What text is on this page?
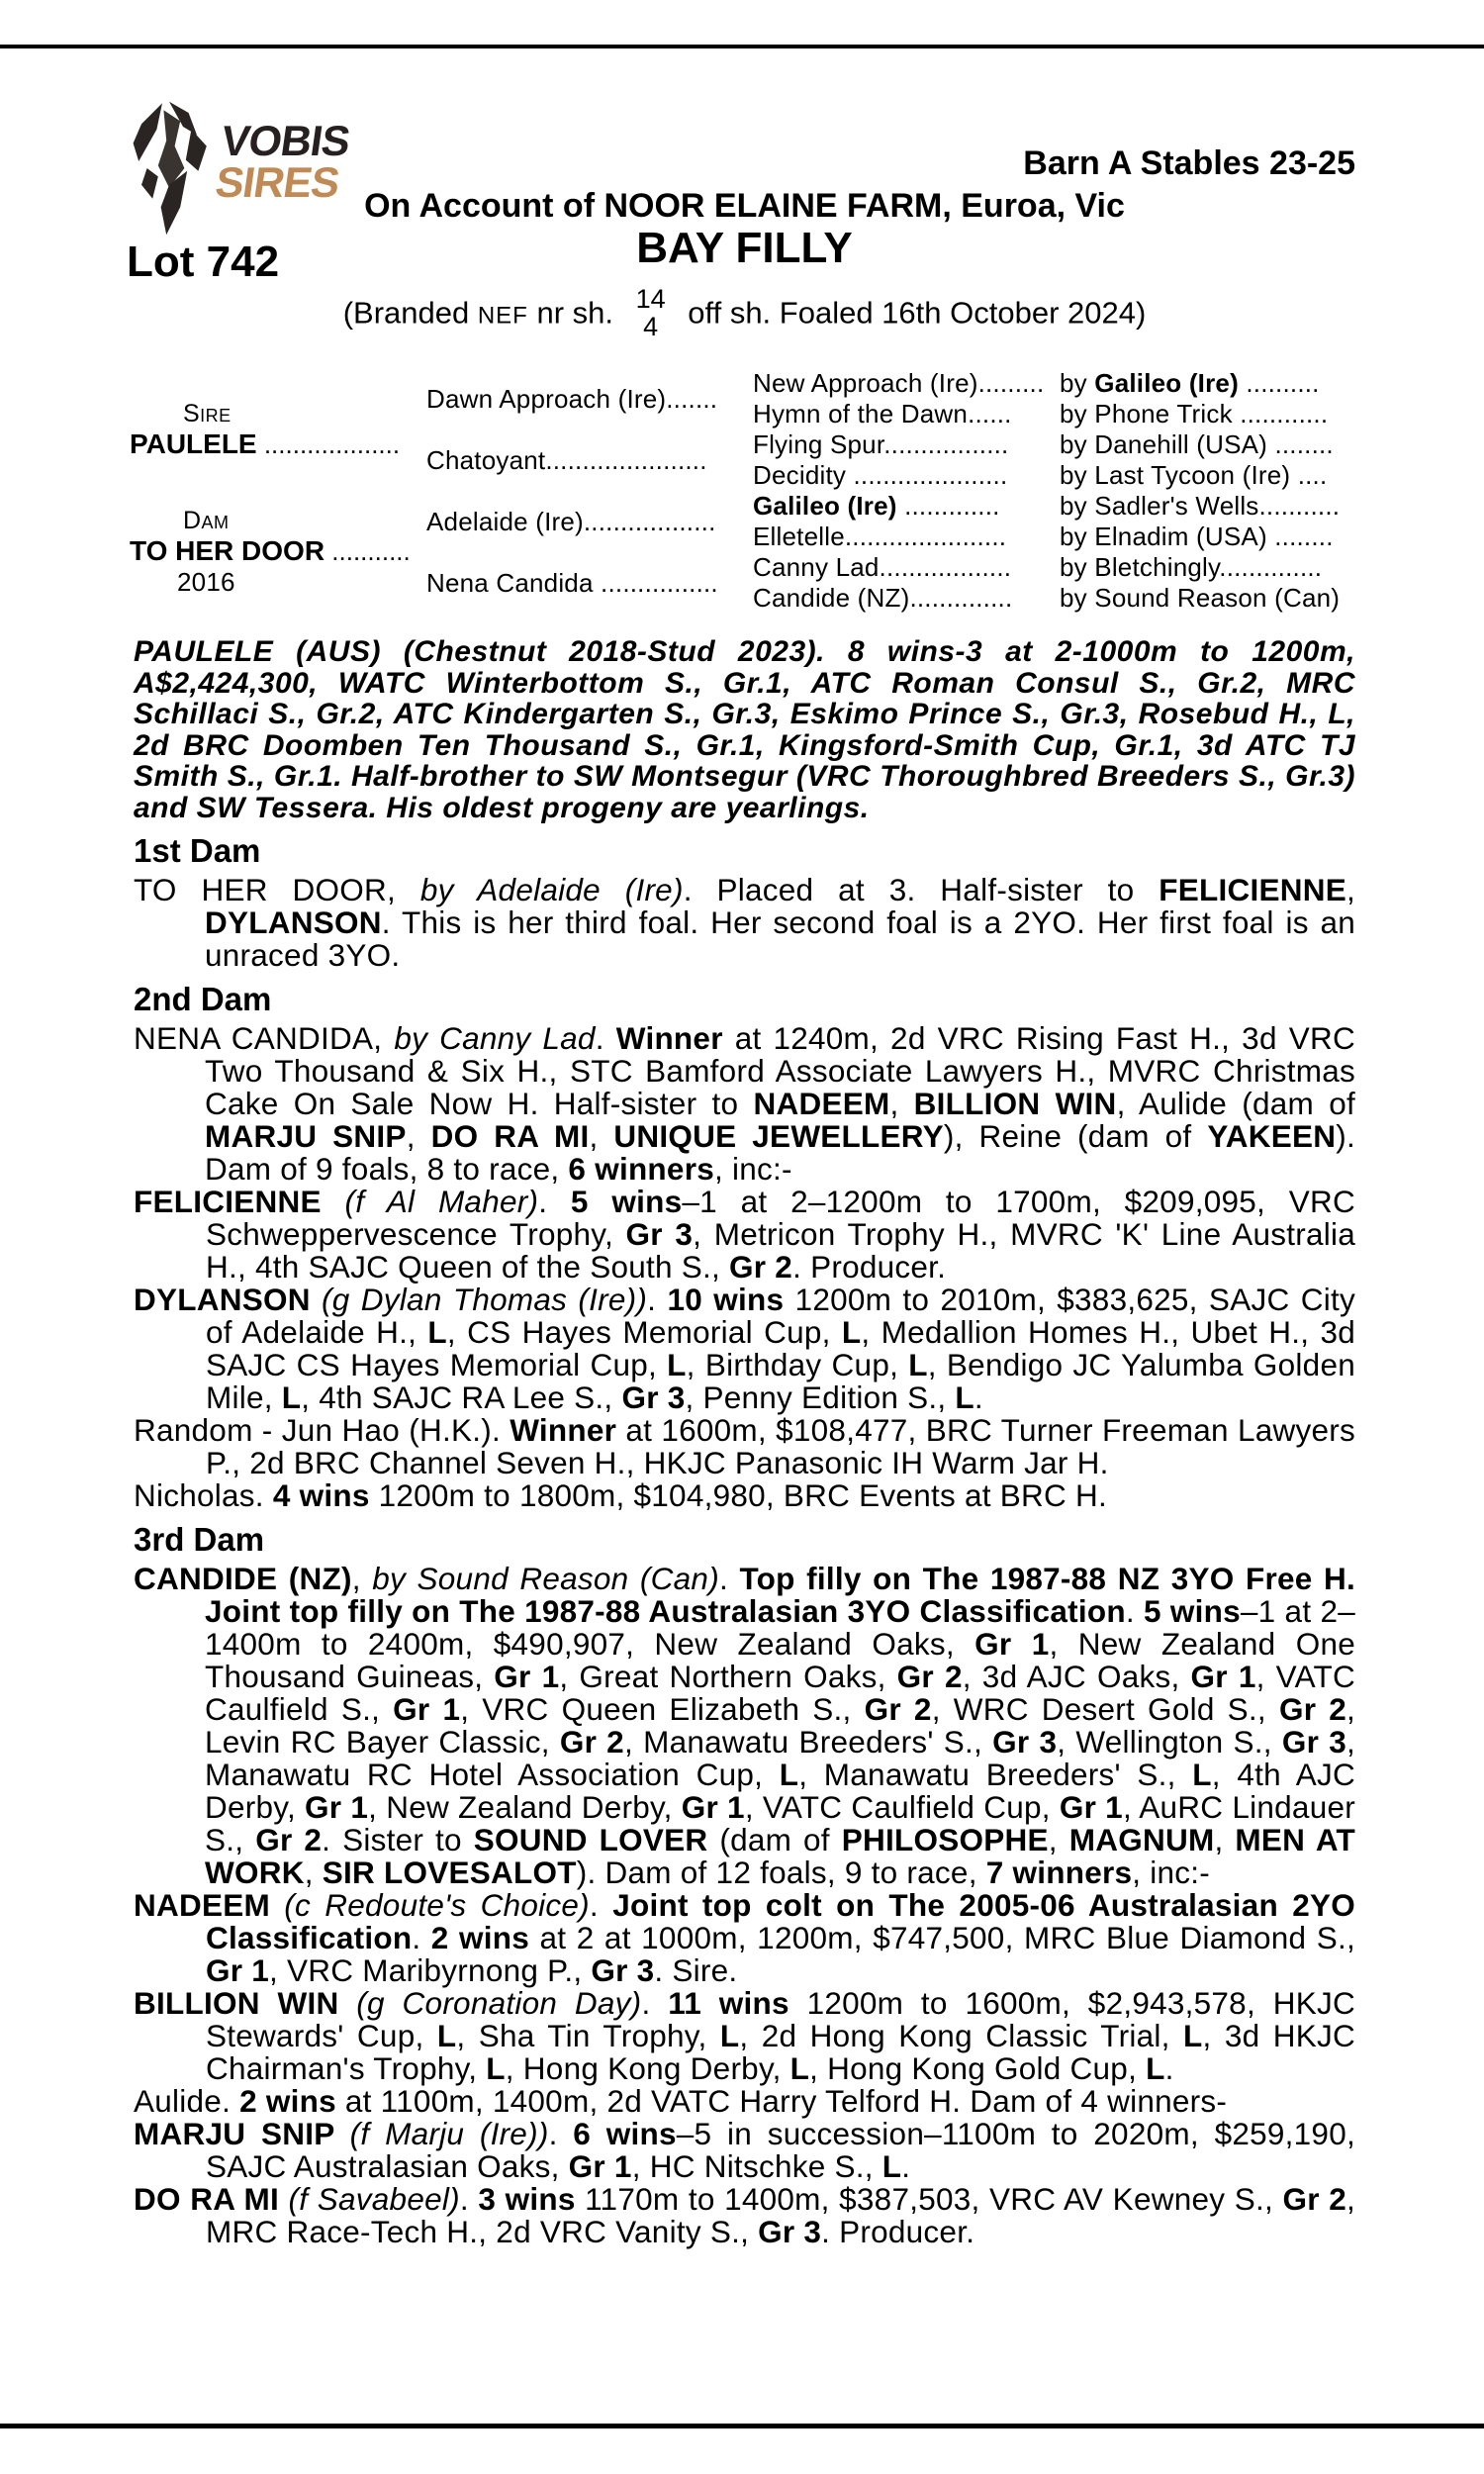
VOBIS
SIRES	Barn A Stables 23-25
On Account of NOOR ELAINE FARM, Euroa, Vic
Lot 742	BAY FILLY
(Branded NEF nr sh. 14
4 off sh. Foaled 16th October 2024)
Sire
PAULELE ...................
Dam
TO HER DOOR ...........
2016
Dawn Approach (Ire).......
Chatoyant......................
Adelaide (Ire)..................
Nena Candida ................
New Approach (Ire)......... by Galileo (Ire) ..........
Hymn of the Dawn......	by Phone Trick ............
Flying Spur.................	by Danehill (USA) ........
Decidity .....................	by Last Tycoon (Ire) ....
Galileo (Ire) .............	by Sadler's Wells...........
Elletelle......................	by Elnadim (USA) ........
Canny Lad..................	by Bletchingly..............
Candide (NZ)..............	by Sound Reason (Can)

PAULELE (AUS) (Chestnut 2018-Stud 2023). 8 wins-3 at 2-1000m to 1200m, A$2,424,300, WATC Winterbottom S., Gr.1, ATC Roman Consul S., Gr.2, MRC Schillaci S., Gr.2, ATC Kindergarten S., Gr.3, Eskimo Prince S., Gr.3, Rosebud H., L, 2d BRC Doomben Ten Thousand S., Gr.1, Kingsford-Smith Cup, Gr.1, 3d ATC TJ Smith S., Gr.1. Half-brother to SW Montsegur (VRC Thoroughbred Breeders S., Gr.3) and SW Tessera. His oldest progeny are yearlings.

1st Dam

TO HER DOOR, by Adelaide (Ire). Placed at 3. Half-sister to FELICIENNE, DYLANSON. This is her third foal. Her second foal is a 2YO. Her first foal is an unraced 3YO.

2nd Dam

NENA CANDIDA, by Canny Lad. Winner at 1240m, 2d VRC Rising Fast H., 3d VRC Two Thousand & Six H., STC Bamford Associate Lawyers H., MVRC Christmas Cake On Sale Now H. Half-sister to NADEEM, BILLION WIN, Aulide (dam of MARJU SNIP, DO RA MI, UNIQUE JEWELLERY), Reine (dam of YAKEEN). Dam of 9 foals, 8 to race, 6 winners, inc:-

FELICIENNE (f Al Maher). 5 wins–1 at 2–1200m to 1700m, $209,095, VRC Schweppervescence Trophy, Gr 3, Metricon Trophy H., MVRC 'K' Line Australia H., 4th SAJC Queen of the South S., Gr 2. Producer.

DYLANSON (g Dylan Thomas (Ire)). 10 wins 1200m to 2010m, $383,625, SAJC City of Adelaide H., L, CS Hayes Memorial Cup, L, Medallion Homes H., Ubet H., 3d SAJC CS Hayes Memorial Cup, L, Birthday Cup, L, Bendigo JC Yalumba Golden Mile, L, 4th SAJC RA Lee S., Gr 3, Penny Edition S., L.

Random - Jun Hao (H.K.). Winner at 1600m, $108,477, BRC Turner Freeman Lawyers P., 2d BRC Channel Seven H., HKJC Panasonic IH Warm Jar H.

Nicholas. 4 wins 1200m to 1800m, $104,980, BRC Events at BRC H.

3rd Dam

CANDIDE (NZ), by Sound Reason (Can). Top filly on The 1987-88 NZ 3YO Free H. Joint top filly on The 1987-88 Australasian 3YO Classification. 5 wins–1 at 2–1400m to 2400m, $490,907, New Zealand Oaks, Gr 1, New Zealand One Thousand Guineas, Gr 1, Great Northern Oaks, Gr 2, 3d AJC Oaks, Gr 1, VATC Caulfield S., Gr 1, VRC Queen Elizabeth S., Gr 2, WRC Desert Gold S., Gr 2, Levin RC Bayer Classic, Gr 2, Manawatu Breeders' S., Gr 3, Wellington S., Gr 3, Manawatu RC Hotel Association Cup, L, Manawatu Breeders' S., L, 4th AJC Derby, Gr 1, New Zealand Derby, Gr 1, VATC Caulfield Cup, Gr 1, AuRC Lindauer S., Gr 2. Sister to SOUND LOVER (dam of PHILOSOPHE, MAGNUM, MEN AT WORK, SIR LOVESALOT). Dam of 12 foals, 9 to race, 7 winners, inc:-

NADEEM (c Redoute's Choice). Joint top colt on The 2005-06 Australasian 2YO Classification. 2 wins at 2 at 1000m, 1200m, $747,500, MRC Blue Diamond S., Gr 1, VRC Maribyrnong P., Gr 3. Sire.

BILLION WIN (g Coronation Day). 11 wins 1200m to 1600m, $2,943,578, HKJC Stewards' Cup, L, Sha Tin Trophy, L, 2d Hong Kong Classic Trial, L, 3d HKJC Chairman's Trophy, L, Hong Kong Derby, L, Hong Kong Gold Cup, L.

Aulide. 2 wins at 1100m, 1400m, 2d VATC Harry Telford H. Dam of 4 winners-

MARJU SNIP (f Marju (Ire)). 6 wins–5 in succession–1100m to 2020m, $259,190, SAJC Australasian Oaks, Gr 1, HC Nitschke S., L.

DO RA MI (f Savabeel). 3 wins 1170m to 1400m, $387,503, VRC AV Kewney S., Gr 2, MRC Race-Tech H., 2d VRC Vanity S., Gr 3. Producer.
